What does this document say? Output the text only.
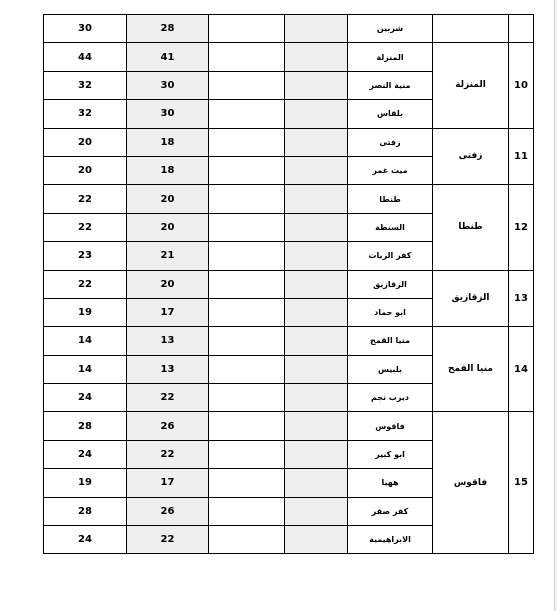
30	28			شربين		
44	41			المنزلة	المنزلة	10
32	30			منية النصر		
32	30			بلقاس		
20	18			زفتى	زفتى	11
20	18			ميت غمر		
22	20			طنطا	طنطا	12
22	20			السنطة		
23	21			كفر الزيات		
22	20			الزقازيق	الزقازيق	13
19	17			ابو حماد		
14	13			منيا القمح	منيا القمح	14
14	13			بلبيس		
24	22			ديرب نجم		
28	26			فاقوس	فاقوس	15
24	22			ابو كبير		
19	17			ههيا		
28	26			كفر صقر		
24	22			الابراهيمية		
